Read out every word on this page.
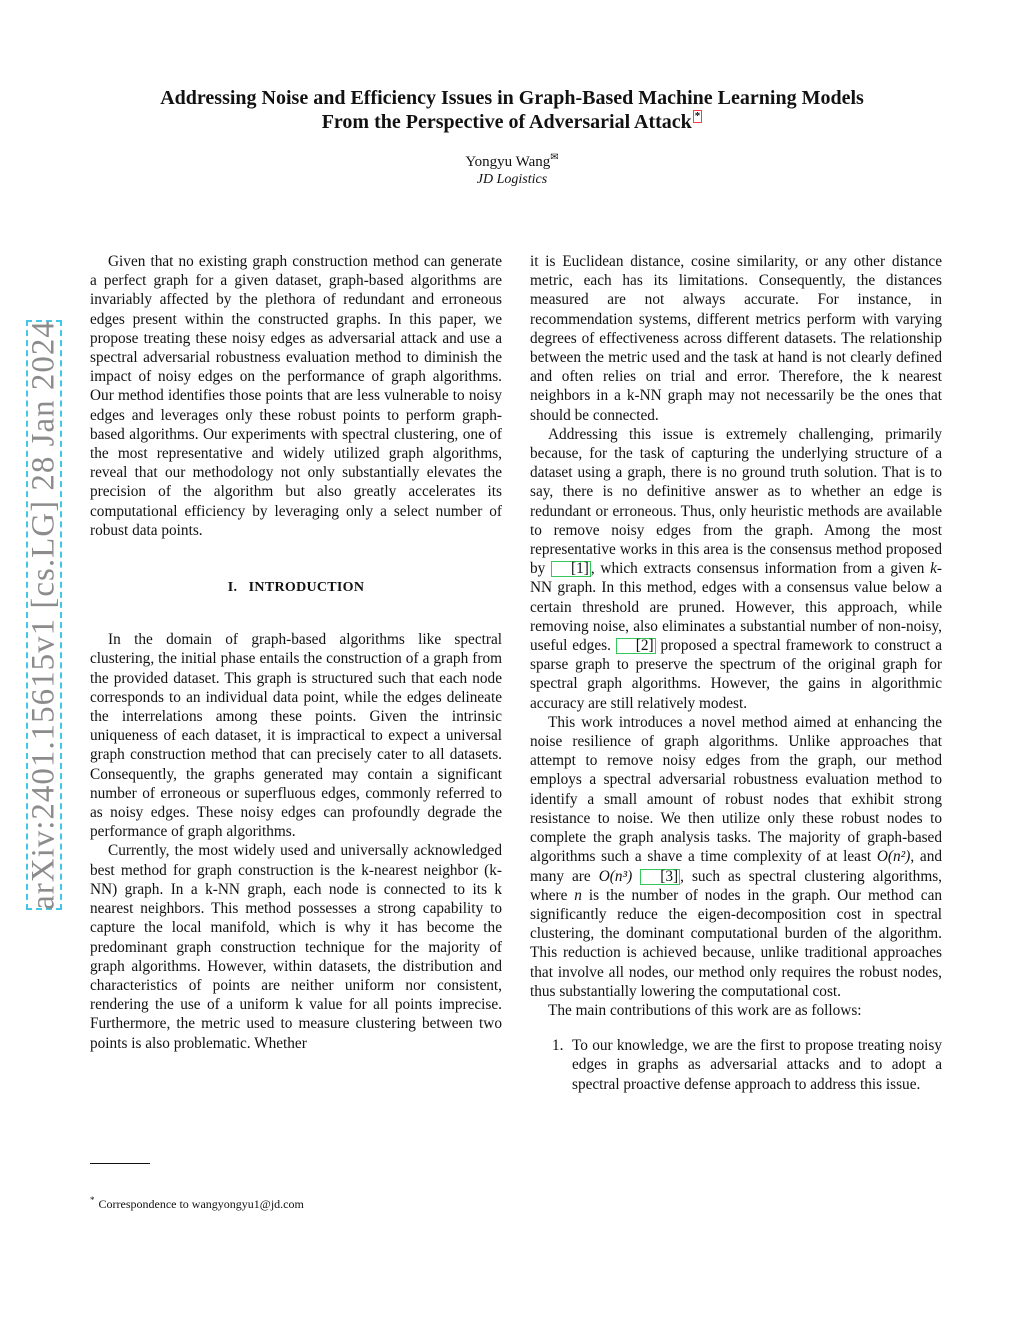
arXiv:2401.15615v1 [cs.LG] 28 Jan 2024
Addressing Noise and Efficiency Issues in Graph-Based Machine Learning Models
From the Perspective of Adversarial Attack *
Yongyu Wang✉
JD Logistics

Given that no existing graph construction method can generate a perfect graph for a given dataset, graph-based algorithms are invariably affected by the plethora of redundant and erroneous edges present within the constructed graphs. In this paper, we propose treating these noisy edges as adversarial attack and use a spectral adversarial robustness evaluation method to diminish the impact of noisy edges on the performance of graph algorithms. Our method identifies those points that are less vulnerable to noisy edges and leverages only these robust points to perform graph-based algorithms. Our experiments with spectral clustering, one of the most representative and widely utilized graph algorithms, reveal that our methodology not only substantially elevates the precision of the algorithm but also greatly accelerates its computational efficiency by leveraging only a select number of robust data points.

I. INTRODUCTION

In the domain of graph-based algorithms like spectral clustering, the initial phase entails the construction of a graph from the provided dataset. This graph is structured such that each node corresponds to an individual data point, while the edges delineate the interrelations among these points. Given the intrinsic uniqueness of each dataset, it is impractical to expect a universal graph construction method that can precisely cater to all datasets. Consequently, the graphs generated may contain a significant number of erroneous or superfluous edges, commonly referred to as noisy edges. These noisy edges can profoundly degrade the performance of graph algorithms.

Currently, the most widely used and universally acknowledged best method for graph construction is the k-nearest neighbor (k-NN) graph. In a k-NN graph, each node is connected to its k nearest neighbors. This method possesses a strong capability to capture the local manifold, which is why it has become the predominant graph construction technique for the majority of graph algorithms. However, within datasets, the distribution and characteristics of points are neither uniform nor consistent, rendering the use of a uniform k value for all points imprecise. Furthermore, the metric used to measure clustering between two points is also problematic. Whether

it is Euclidean distance, cosine similarity, or any other distance metric, each has its limitations. Consequently, the distances measured are not always accurate. For instance, in recommendation systems, different metrics perform with varying degrees of effectiveness across different datasets. The relationship between the metric used and the task at hand is not clearly defined and often relies on trial and error. Therefore, the k nearest neighbors in a k-NN graph may not necessarily be the ones that should be connected.

Addressing this issue is extremely challenging, primarily because, for the task of capturing the underlying structure of a dataset using a graph, there is no ground truth solution. That is to say, there is no definitive answer as to whether an edge is redundant or erroneous. Thus, only heuristic methods are available to remove noisy edges from the graph. Among the most representative works in this area is the consensus method proposed by [1] , which extracts consensus information from a given k-NN graph. In this method, edges with a consensus value below a certain threshold are pruned. However, this approach, while removing noise, also eliminates a substantial number of non-noisy, useful edges. [2] proposed a spectral framework to construct a sparse graph to preserve the spectrum of the original graph for spectral graph algorithms. However, the gains in algorithmic accuracy are still relatively modest.

This work introduces a novel method aimed at enhancing the noise resilience of graph algorithms. Unlike approaches that attempt to remove noisy edges from the graph, our method employs a spectral adversarial robustness evaluation method to identify a small amount of robust nodes that exhibit strong resistance to noise. We then utilize only these robust nodes to complete the graph analysis tasks. The majority of graph-based algorithms such a shave a time complexity of at least O(n²), and many are O(n³) [3] , such as spectral clustering algorithms, where n is the number of nodes in the graph. Our method can significantly reduce the eigen-decomposition cost in spectral clustering, the dominant computational burden of the algorithm. This reduction is achieved because, unlike traditional approaches that involve all nodes, our method only requires the robust nodes, thus substantially lowering the computational cost.

The main contributions of this work are as follows:

1. To our knowledge, we are the first to propose treating noisy edges in graphs as adversarial attacks and to adopt a spectral proactive defense approach to address this issue.
* Correspondence to wangyongyu1@jd.com
